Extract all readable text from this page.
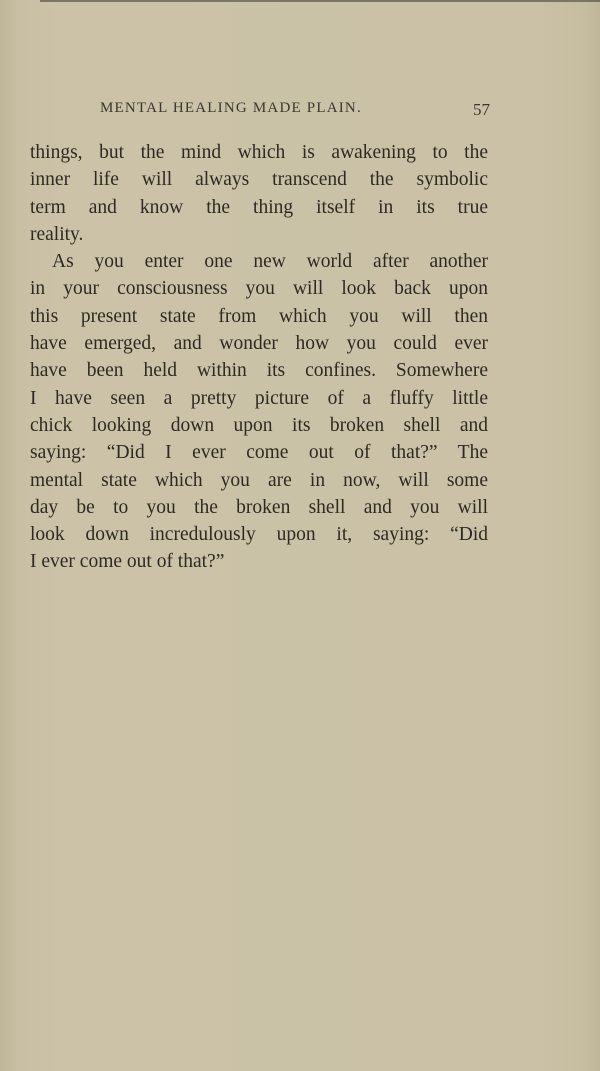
MENTAL HEALING MADE PLAIN.	57
things, but the mind which is awakening to the
inner life will always transcend the symbolic
term and know the thing itself in its true
reality.
As you enter one new world after another
in your consciousness you will look back upon
this present state from which you will then
have emerged, and wonder how you could ever
have been held within its confines. Somewhere
I have seen a pretty picture of a fluffy little
chick looking down upon its broken shell and
saying: “Did I ever come out of that?” The
mental state which you are in now, will some
day be to you the broken shell and you will
look down incredulously upon it, saying: “Did
I ever come out of that?”
